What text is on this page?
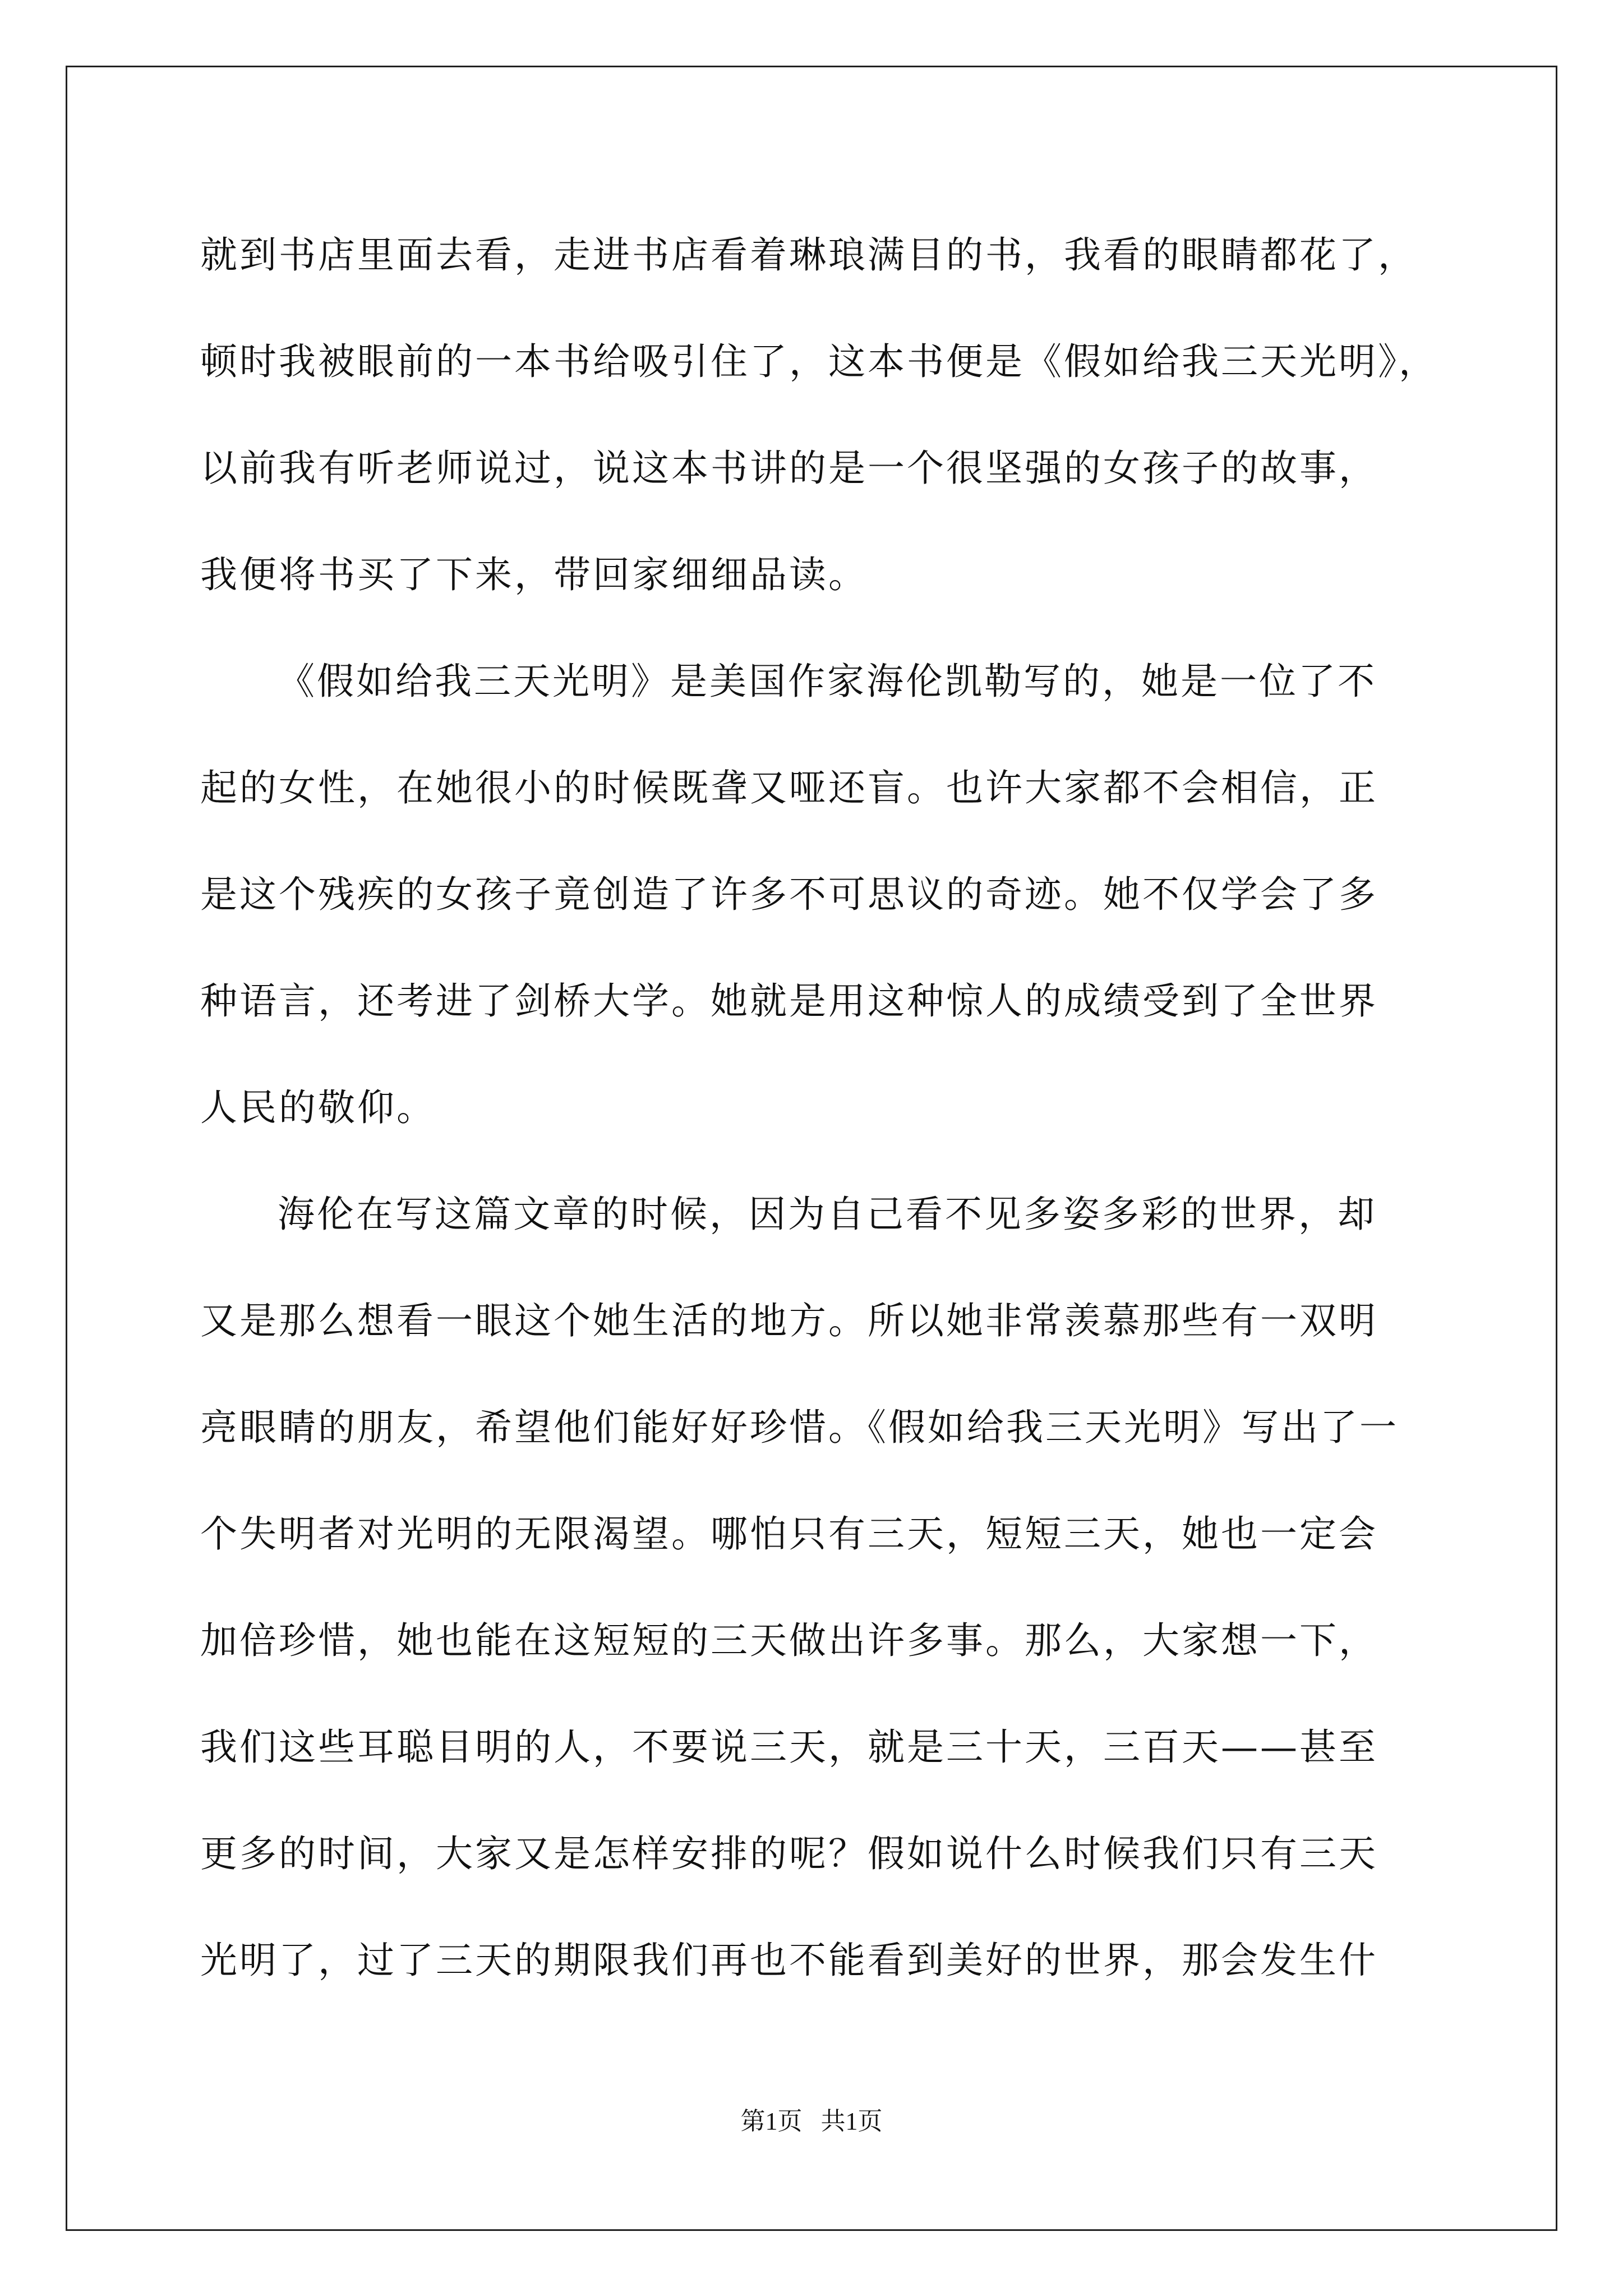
就到书店里面去看，走进书店看着琳琅满目的书，我看的眼睛都花了，
顿时我被眼前的一本书给吸引住了，这本书便是《假如给我三天光明》，
以前我有听老师说过，说这本书讲的是一个很坚强的女孩子的故事，
我便将书买了下来，带回家细细品读。
《假如给我三天光明》是美国作家海伦凯勒写的，她是一位了不
起的女性，在她很小的时候既聋又哑还盲。也许大家都不会相信，正
是这个残疾的女孩子竟创造了许多不可思议的奇迹。她不仅学会了多
种语言，还考进了剑桥大学。她就是用这种惊人的成绩受到了全世界
人民的敬仰。
海伦在写这篇文章的时候，因为自己看不见多姿多彩的世界，却
又是那么想看一眼这个她生活的地方。所以她非常羡慕那些有一双明
亮眼睛的朋友，希望他们能好好珍惜。《假如给我三天光明》写出了一
个失明者对光明的无限渴望。哪怕只有三天，短短三天，她也一定会
加倍珍惜，她也能在这短短的三天做出许多事。那么，大家想一下，
我们这些耳聪目明的人，不要说三天，就是三十天，三百天——甚至
更多的时间，大家又是怎样安排的呢？假如说什么时候我们只有三天
光明了，过了三天的期限我们再也不能看到美好的世界，那会发生什
第1页   共1页
